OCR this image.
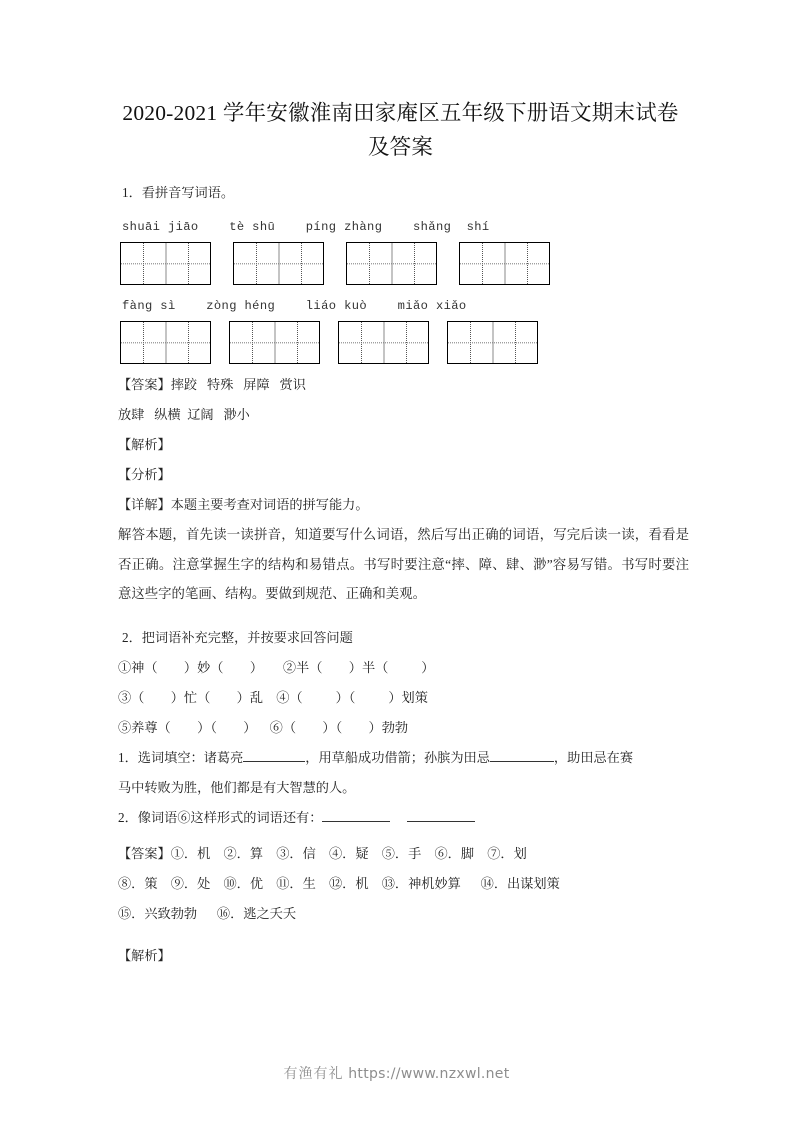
2020-2021 学年安徽淮南田家庵区五年级下册语文期末试卷
及答案
1．看拼音写词语。
shuāi jiāo    tè shū    píng zhàng    shǎng  shí
fàng sì    zòng héng    liáo kuò    miǎo xiǎo
【答案】摔跤   特殊   屏障   赏识
放肆   纵横  辽阔   渺小
【解析】
【分析】
【详解】本题主要考查对词语的拼写能力。
解答本题，首先读一读拼音，知道要写什么词语，然后写出正确的词语，写完后读一读，看看是否正确。注意掌握生字的结构和易错点。书写时要注意“摔、障、肆、渺”容易写错。书写时要注意这些字的笔画、结构。要做到规范、正确和美观。
2．把词语补充完整，并按要求回答问题
①神（        ）妙（        ）      ②半（        ）半（          ）
③（        ）忙（        ）乱    ④（          ）（          ）划策
⑤养尊（        ）（        ）    ⑥（        ）（        ）勃勃
1．选词填空：诸葛亮	，用草船成功借箭；孙膑为田忌	，助田忌在赛
马中转败为胜，他们都是有大智慧的人。
2．像词语⑥这样形式的词语还有：
【答案】①．机    ②．算    ③．信    ④．疑    ⑤．手    ⑥．脚    ⑦．划
⑧．策    ⑨．处    ⑩．优    ⑪．生    ⑫．机    ⑬．神机妙算      ⑭．出谋划策
⑮．兴致勃勃      ⑯．逃之夭夭
【解析】
有渔有礼 https://www.nzxwl.net
